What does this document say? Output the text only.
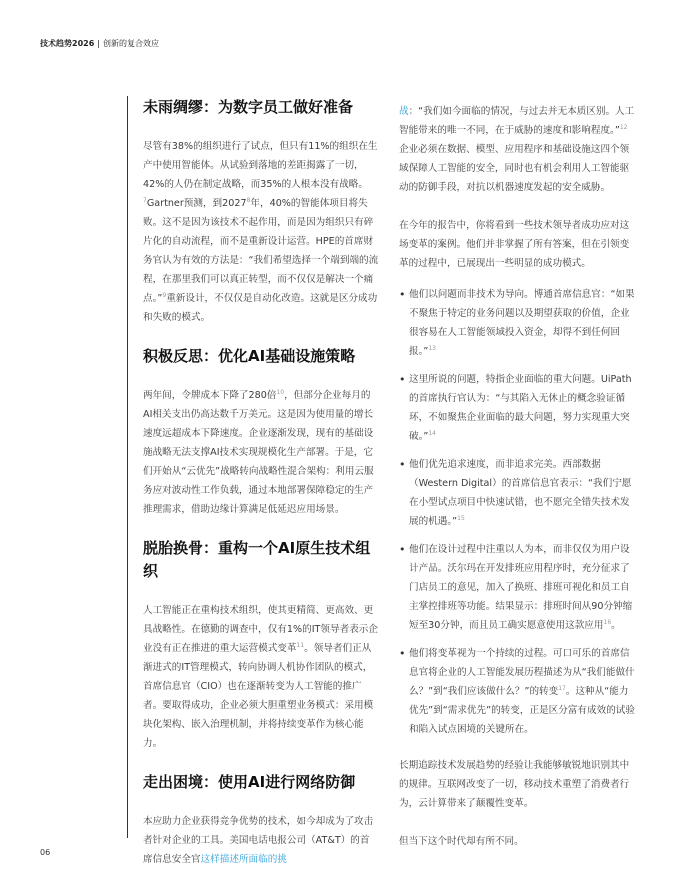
技术趋势2026 | 创新的复合效应
未雨绸缪：为数字员工做好准备

尽管有38%的组织进行了试点，但只有11%的组织在生产中使用智能体。从试验到落地的差距揭露了一切，42%的人仍在制定战略，而35%的人根本没有战略。$^7$Gartner预测，到2027$^8$年，40%的智能体项目将失败。这不是因为该技术不起作用，而是因为组织只有碎片化的自动流程，而不是重新设计运营。HPE的首席财务官认为有效的方法是：“我们希望选择一个端到端的流程，在那里我们可以真正转型，而不仅仅是解决一个痛点。”$^9$重新设计，不仅仅是自动化改造。这就是区分成功和失败的模式。

积极反思：优化AI基础设施策略

两年间，令牌成本下降了280倍$^{10}$，但部分企业每月的AI相关支出仍高达数千万美元。这是因为使用量的增长速度远超成本下降速度。企业逐渐发现，现有的基础设施战略无法支撑AI技术实现规模化生产部署。于是，它们开始从“云优先”战略转向战略性混合架构：利用云服务应对波动性工作负载，通过本地部署保障稳定的生产推理需求，借助边缘计算满足低延迟应用场景。

脱胎换骨：重构一个AI原生技术组织

人工智能正在重构技术组织，使其更精简、更高效、更具战略性。在德勤的调查中，仅有1%的IT领导者表示企业没有正在推进的重大运营模式变革$^{11}$。领导者们正从渐进式的IT管理模式，转向协调人机协作团队的模式，首席信息官（CIO）也在逐渐转变为人工智能的推广者。要取得成功，企业必须大胆重塑业务模式：采用模块化架构、嵌入治理机制，并将持续变革作为核心能力。

走出困境：使用AI进行网络防御

本应助力企业获得竞争优势的技术，如今却成为了攻击者针对企业的工具。美国电话电报公司（AT&T）的首席信息安全官这样描述所面临的挑

战：“我们如今面临的情况，与过去并无本质区别。人工智能带来的唯一不同，在于威胁的速度和影响程度。”$^{12}$企业必须在数据、模型、应用程序和基础设施这四个领域保障人工智能的安全，同时也有机会利用人工智能驱动的防御手段，对抗以机器速度发起的安全威胁。

在今年的报告中，你将看到一些技术领导者成功应对这场变革的案例。他们并非掌握了所有答案，但在引领变革的过程中，已展现出一些明显的成功模式。

• 他们以问题而非技术为导向。博通首席信息官：“如果不聚焦于特定的业务问题以及期望获取的价值，企业很容易在人工智能领域投入资金，却得不到任何回报。”$^{13}$
• 这里所说的问题，特指企业面临的重大问题。UiPath的首席执行官认为：“与其陷入无休止的概念验证循环，不如聚焦企业面临的最大问题，努力实现重大突破。”$^{14}$
• 他们优先追求速度，而非追求完美。西部数据（Western Digital）的首席信息官表示：“我们宁愿在小型试点项目中快速试错，也不愿完全错失技术发展的机遇。”$^{15}$
• 他们在设计过程中注重以人为本，而非仅仅为用户设计产品。沃尔玛在开发排班应用程序时，充分征求了门店员工的意见，加入了换班、排班可视化和员工自主掌控排班等功能。结果显示：排班时间从90分钟缩短至30分钟，而且员工确实愿意使用这款应用$^{16}$。
• 他们将变革视为一个持续的过程。可口可乐的首席信息官将企业的人工智能发展历程描述为从“我们能做什么？”到“我们应该做什么？”的转变$^{17}$。这种从“能力优先”到“需求优先”的转变，正是区分富有成效的试验和陷入试点困境的关键所在。

长期追踪技术发展趋势的经验让我能够敏锐地识别其中的规律。互联网改变了一切，移动技术重塑了消费者行为，云计算带来了颠覆性变革。

但当下这个时代却有所不同。

06
